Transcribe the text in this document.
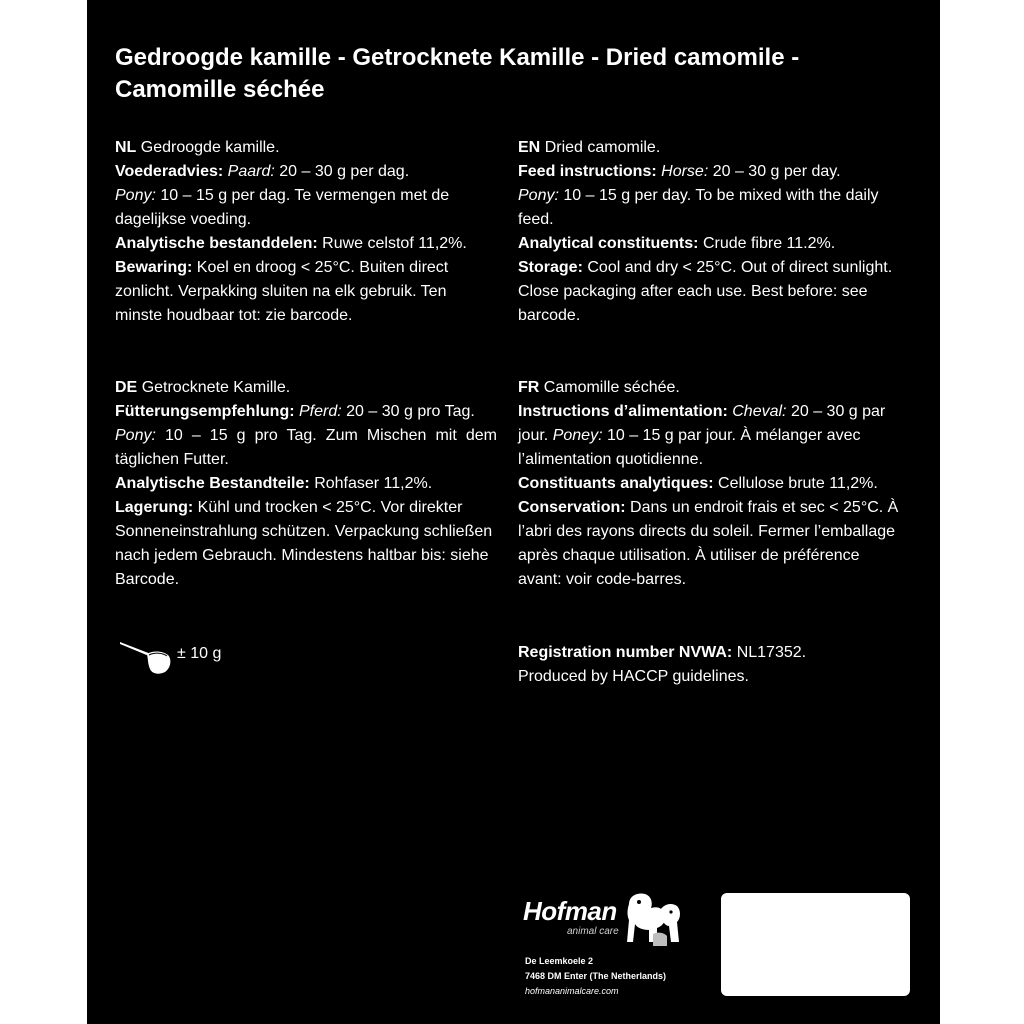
Gedroogde kamille - Getrocknete Kamille - Dried camomile - Camomille séchée
NL Gedroogde kamille.
Voederadvies: Paard: 20 – 30 g per dag.
Pony: 10 – 15 g per dag. Te vermengen met de dagelijkse voeding.
Analytische bestanddelen: Ruwe celstof 11,2%.
Bewaring: Koel en droog < 25°C. Buiten direct zonlicht. Verpakking sluiten na elk gebruik. Ten minste houdbaar tot: zie barcode.
EN Dried camomile.
Feed instructions: Horse: 20 – 30 g per day.
Pony: 10 – 15 g per day. To be mixed with the daily feed.
Analytical constituents: Crude fibre 11.2%.
Storage: Cool and dry < 25°C. Out of direct sunlight. Close packaging after each use. Best before: see barcode.
DE Getrocknete Kamille.
Fütterungsempfehlung: Pferd: 20 – 30 g pro Tag.

Pony: 10 – 15 g pro Tag. Zum Mischen mit dem täglichen Futter.
Analytische Bestandteile: Rohfaser 11,2%.
Lagerung: Kühl und trocken < 25°C. Vor direkter Sonneneinstrahlung schützen. Verpackung schließen nach jedem Gebrauch. Mindestens haltbar bis: siehe Barcode.
FR Camomille séchée.
Instructions d’alimentation: Cheval: 20 – 30 g par jour. Poney: 10 – 15 g par jour. À mélanger avec l’alimentation quotidienne.
Constituants analytiques: Cellulose brute 11,2%.
Conservation: Dans un endroit frais et sec < 25°C. À l’abri des rayons directs du soleil. Fermer l’emballage après chaque utilisation. À utiliser de préférence avant: voir code-barres.
± 10 g	Registration number NVWA: NL17352.
Produced by HACCP guidelines.
Hofman
animal care
De Leemkoele 2
7468 DM Enter (The Netherlands)
hofmananimalcare.com
